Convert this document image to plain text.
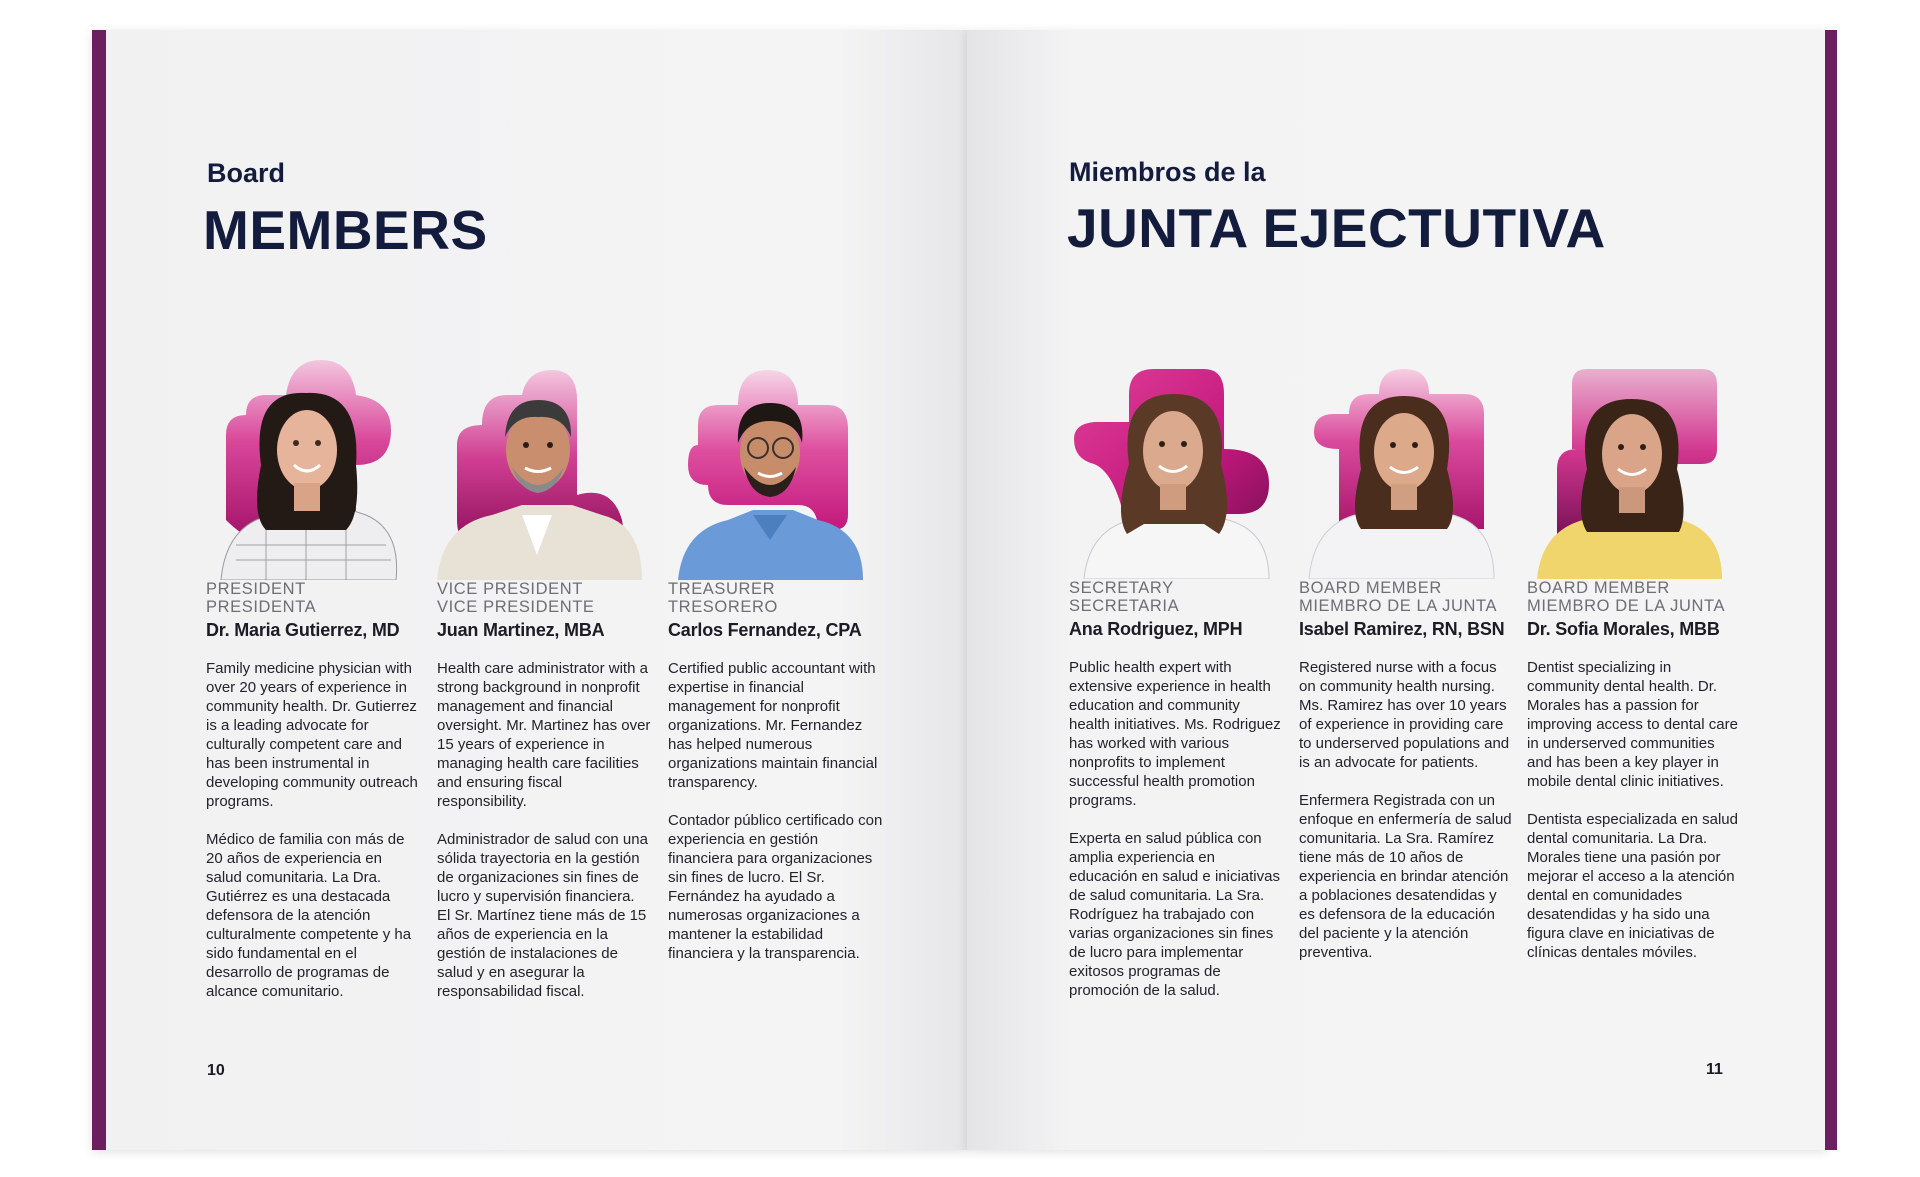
Board
MEMBERS
PRESIDENT
PRESIDENTA
Dr. Maria Gutierrez, MD
Family medicine physician with over 20 years of experience in community health. Dr. Gutierrez is a leading advocate for culturally competent care and has been instrumental in developing community outreach programs.
Médico de familia con más de 20 años de experiencia en salud comunitaria. La Dra. Gutiérrez es una destacada defensora de la atención culturalmente competente y ha sido fundamental en el desarrollo de programas de alcance comunitario.
VICE PRESIDENT
VICE PRESIDENTE
Juan Martinez, MBA
Health care administrator with a strong background in nonprofit management and financial oversight. Mr. Martinez has over 15 years of experience in managing health care facilities and ensuring fiscal responsibility.
Administrador de salud con una sólida trayectoria en la gestión de organizaciones sin fines de lucro y supervisión financiera. El Sr. Martínez tiene más de 15 años de experiencia en la gestión de instalaciones de salud y en asegurar la responsabilidad fiscal.
TREASURER
TRESORERO
Carlos Fernandez, CPA
Certified public accountant with expertise in financial management for nonprofit organizations. Mr. Fernandez has helped numerous organizations maintain financial transparency.
Contador público certificado con experiencia en gestión financiera para organizaciones sin fines de lucro. El Sr. Fernández ha ayudado a numerosas organizaciones a mantener la estabilidad financiera y la transparencia.
10
Miembros de la
JUNTA EJECTUTIVA
SECRETARY
SECRETARIA
Ana Rodriguez, MPH
Public health expert with extensive experience in health education and community health initiatives. Ms. Rodriguez has worked with various nonprofits to implement successful health promotion programs.
Experta en salud pública con amplia experiencia en educación en salud e iniciativas de salud comunitaria. La Sra. Rodríguez ha trabajado con varias organizaciones sin fines de lucro para implementar exitosos programas de promoción de la salud.
BOARD MEMBER
MIEMBRO DE LA JUNTA
Isabel Ramirez, RN, BSN
Registered nurse with a focus on community health nursing. Ms. Ramirez has over 10 years of experience in providing care to underserved populations and is an advocate for patients.
Enfermera Registrada con un enfoque en enfermería de salud comunitaria. La Sra. Ramírez tiene más de 10 años de experiencia en brindar atención a poblaciones desatendidas y es defensora de la educación del paciente y la atención preventiva.
BOARD MEMBER
MIEMBRO DE LA JUNTA
Dr. Sofia Morales, MBB
Dentist specializing in community dental health. Dr. Morales has a passion for improving access to dental care in underserved communities and has been a key player in mobile dental clinic initiatives.
Dentista especializada en salud dental comunitaria. La Dra. Morales tiene una pasión por mejorar el acceso a la atención dental en comunidades desatendidas y ha sido una figura clave en iniciativas de clínicas dentales móviles.
11
